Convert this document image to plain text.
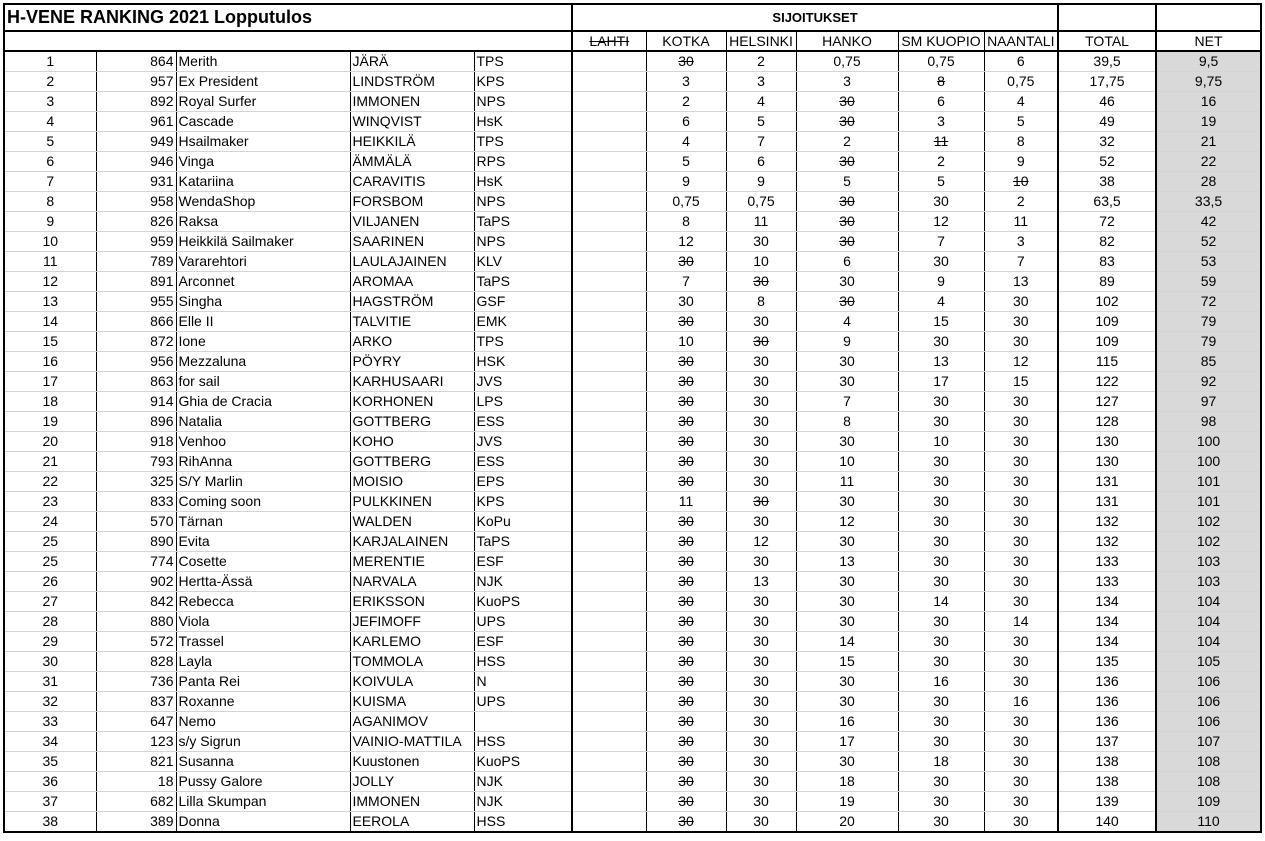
H-VENE RANKING 2021 Lopputulos					SIJOITUKSET							
					LAHTI	KOTKA	HELSINKI	HANKO	SM KUOPIO	NAANTALI	TOTAL	NET
1	864	Merith	JÄRÄ	TPS		30	2	0,75	0,75	6	39,5	9,5
2	957	Ex President	LINDSTRÖM	KPS		3	3	3	8	0,75	17,75	9,75
3	892	Royal Surfer	IMMONEN	NPS		2	4	30	6	4	46	16
4	961	Cascade	WINQVIST	HsK		6	5	30	3	5	49	19
5	949	Hsailmaker	HEIKKILÄ	TPS		4	7	2	11	8	32	21
6	946	Vinga	ÄMMÄLÄ	RPS		5	6	30	2	9	52	22
7	931	Katariina	CARAVITIS	HsK		9	9	5	5	10	38	28
8	958	WendaShop	FORSBOM	NPS		0,75	0,75	30	30	2	63,5	33,5
9	826	Raksa	VILJANEN	TaPS		8	11	30	12	11	72	42
10	959	Heikkilä Sailmaker	SAARINEN	NPS		12	30	30	7	3	82	52
11	789	Vararehtori	LAULAJAINEN	KLV		30	10	6	30	7	83	53
12	891	Arconnet	AROMAA	TaPS		7	30	30	9	13	89	59
13	955	Singha	HAGSTRÖM	GSF		30	8	30	4	30	102	72
14	866	Elle II	TALVITIE	EMK		30	30	4	15	30	109	79
15	872	Ione	ARKO	TPS		10	30	9	30	30	109	79
16	956	Mezzaluna	PÖYRY	HSK		30	30	30	13	12	115	85
17	863	for sail	KARHUSAARI	JVS		30	30	30	17	15	122	92
18	914	Ghia de Cracia	KORHONEN	LPS		30	30	7	30	30	127	97
19	896	Natalia	GOTTBERG	ESS		30	30	8	30	30	128	98
20	918	Venhoo	KOHO	JVS		30	30	30	10	30	130	100
21	793	RihAnna	GOTTBERG	ESS		30	30	10	30	30	130	100
22	325	S/Y Marlin	MOISIO	EPS		30	30	11	30	30	131	101
23	833	Coming soon	PULKKINEN	KPS		11	30	30	30	30	131	101
24	570	Tärnan	WALDEN	KoPu		30	30	12	30	30	132	102
25	890	Evita	KARJALAINEN	TaPS		30	12	30	30	30	132	102
25	774	Cosette	MERENTIE	ESF		30	30	13	30	30	133	103
26	902	Hertta-Ässä	NARVALA	NJK		30	13	30	30	30	133	103
27	842	Rebecca	ERIKSSON	KuoPS		30	30	30	14	30	134	104
28	880	Viola	JEFIMOFF	UPS		30	30	30	30	14	134	104
29	572	Trassel	KARLEMO	ESF		30	30	14	30	30	134	104
30	828	Layla	TOMMOLA	HSS		30	30	15	30	30	135	105
31	736	Panta Rei	KOIVULA	N		30	30	30	16	30	136	106
32	837	Roxanne	KUISMA	UPS		30	30	30	30	16	136	106
33	647	Nemo	AGANIMOV			30	30	16	30	30	136	106
34	123	s/y Sigrun	VAINIO-MATTILA	HSS		30	30	17	30	30	137	107
35	821	Susanna	Kuustonen	KuoPS		30	30	30	18	30	138	108
36	18	Pussy Galore	JOLLY	NJK		30	30	18	30	30	138	108
37	682	Lilla Skumpan	IMMONEN	NJK		30	30	19	30	30	139	109
38	389	Donna	EEROLA	HSS		30	30	20	30	30	140	110
